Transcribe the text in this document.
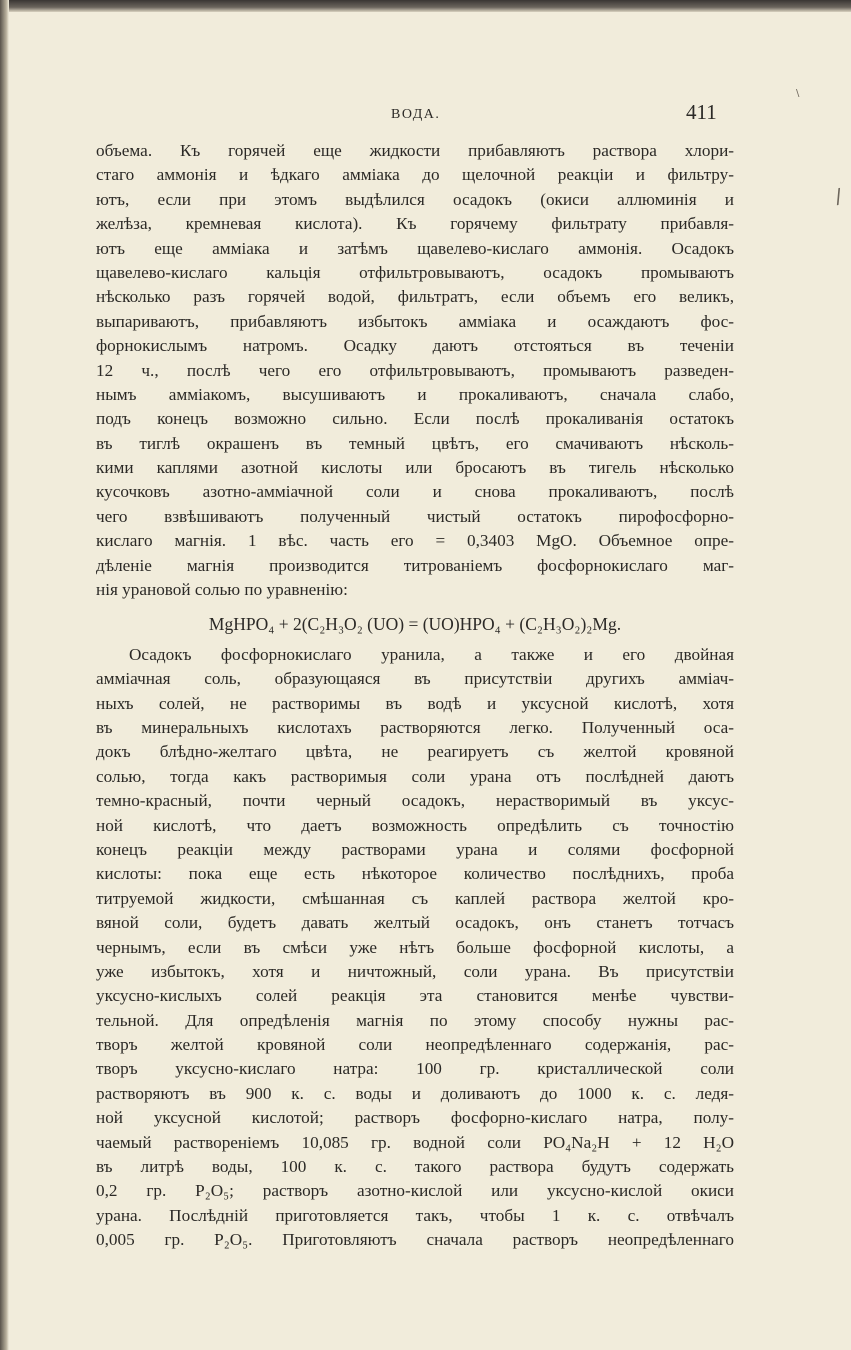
/
\
ВОДА.	411
объема. Къ горячей еще жидкости прибавляютъ раствора хлори-
стаго аммонія и ѣдкаго амміака до щелочной реакціи и фильтру-
ютъ, если при этомъ выдѣлился осадокъ (окиси аллюминія и
желѣза, кремневая кислота). Къ горячему фильтрату прибавля-
ютъ еще амміака и затѣмъ щавелево-кислаго аммонія. Осадокъ
щавелево-кислаго кальція отфильтровываютъ, осадокъ промываютъ
нѣсколько разъ горячей водой, фильтратъ, если объемъ его великъ,
выпариваютъ, прибавляютъ избытокъ амміака и осаждаютъ фос-
форнокислымъ натромъ. Осадку даютъ отстояться въ теченіи
12 ч., послѣ чего его отфильтровываютъ, промываютъ разведен-
нымъ амміакомъ, высушиваютъ и прокаливаютъ, сначала слабо,
подъ конецъ возможно сильно. Если послѣ прокаливанія остатокъ
въ тиглѣ окрашенъ въ темный цвѣтъ, его смачиваютъ нѣсколь-
кими каплями азотной кислоты или бросаютъ въ тигель нѣсколько
кусочковъ азотно-амміачной соли и снова прокаливаютъ, послѣ
чего взвѣшиваютъ полученный чистый остатокъ пирофосфорно-
кислаго магнія. 1 вѣс. часть его = 0,3403 MgO. Объемное опре-
дѣленіе магнія производится титрованіемъ фосфорнокислаго маг-
нія урановой солью по уравненію:
MgHPO₄ + 2(C₂H₃O₂ (UO) = (UO)HPO₄ + (C₂H₃O₂)₂Mg.
Осадокъ фосфорнокислаго уранила, а также и его двойная
амміачная соль, образующаяся въ присутствіи другихъ амміач-
ныхъ солей, не растворимы въ водѣ и уксусной кислотѣ, хотя
въ минеральныхъ кислотахъ растворяются легко. Полученный оса-
докъ блѣдно-желтаго цвѣта, не реагируетъ съ желтой кровяной
солью, тогда какъ растворимыя соли урана отъ послѣдней даютъ
темно-красный, почти черный осадокъ, нерастворимый въ уксус-
ной кислотѣ, что даетъ возможность опредѣлить съ точностію
конецъ реакціи между растворами урана и солями фосфорной
кислоты: пока еще есть нѣкоторое количество послѣднихъ, проба
титруемой жидкости, смѣшанная съ каплей раствора желтой кро-
вяной соли, будетъ давать желтый осадокъ, онъ станетъ тотчасъ
чернымъ, если въ смѣси уже нѣтъ больше фосфорной кислоты, а
уже избытокъ, хотя и ничтожный, соли урана. Въ присутствіи
уксусно-кислыхъ солей реакція эта становится менѣе чувстви-
тельной. Для опредѣленія магнія по этому способу нужны рас-
творъ желтой кровяной соли неопредѣленнаго содержанія, рас-
творъ уксусно-кислаго натра: 100 гр. кристаллической соли
растворяютъ въ 900 к. с. воды и доливаютъ до 1000 к. с. ледя-
ной уксусной кислотой; растворъ фосфорно-кислаго натра, полу-
чаемый раствореніемъ 10,085 гр. водной соли PO₄Na₂H + 12 H₂O
въ литрѣ воды, 100 к. с. такого раствора будутъ содержать
0,2 гр. P₂O₅; растворъ азотно-кислой или уксусно-кислой окиси
урана. Послѣдній приготовляется такъ, чтобы 1 к. с. отвѣчалъ
0,005 гр. P₂O₅. Приготовляютъ сначала растворъ неопредѣленнаго
